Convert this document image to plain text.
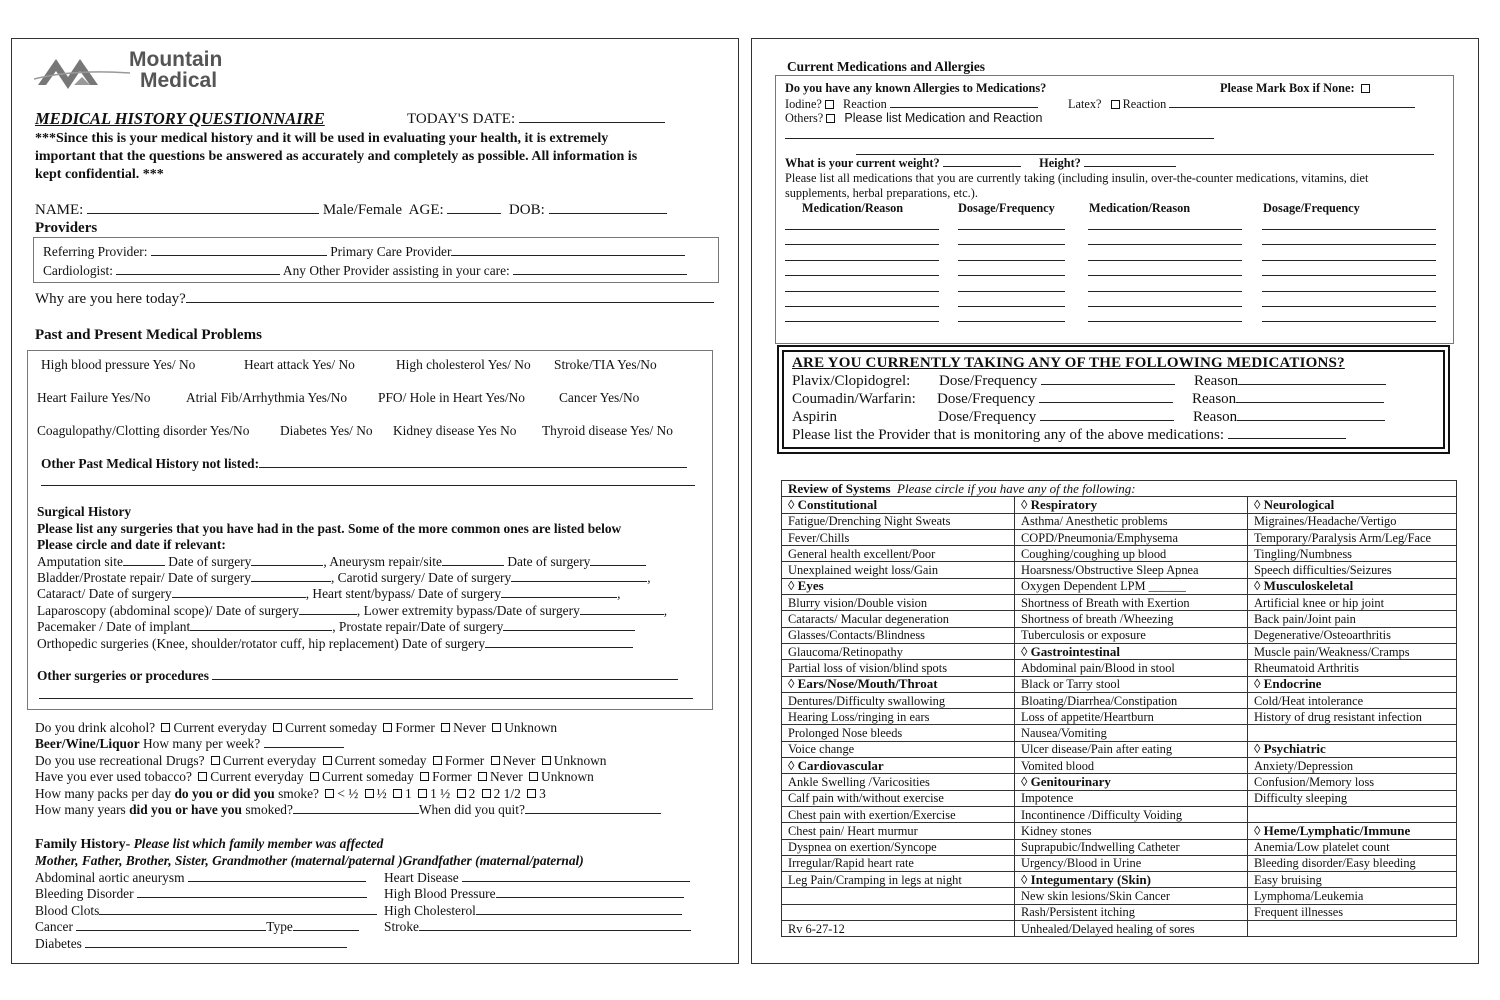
Mountain
Medical
MEDICAL HISTORY QUESTIONNAIRE	TODAY'S DATE:
***Since this is your medical history and it will be used in evaluating your health, it is extremely
important that the questions be answered as accurately and completely as possible. All information is
kept confidential. ***
NAME:	Male/Female AGE:	DOB:
Providers
Referring Provider:	Primary Care Provider
Cardiologist:	Any Other Provider assisting in your care:
Why are you here today?
Past and Present Medical Problems
High blood pressure Yes/ No	Heart attack Yes/ No	High cholesterol Yes/ No Stroke/TIA Yes/No
Heart Failure Yes/No	Atrial Fib/Arrhythmia Yes/No PFO/ Hole in Heart Yes/No	Cancer Yes/No
Coagulopathy/Clotting disorder Yes/No Diabetes Yes/ No Kidney disease Yes No Thyroid disease Yes/ No
Other Past Medical History not listed:
Surgical History
Please list any surgeries that you have had in the past. Some of the more common ones are listed below
Please circle and date if relevant:
Amputation site	Date of surgery	, Aneurysm repair/site	Date of surgery
Bladder/Prostate repair/ Date of surgery	, Carotid surgery/ Date of surgery	,
Cataract/ Date of surgery	, Heart stent/bypass/ Date of surgery	,
Laparoscopy (abdominal scope)/ Date of surgery	, Lower extremity bypass/Date of surgery	,
Pacemaker / Date of implant	, Prostate repair/Date of surgery
Orthopedic surgeries (Knee, shoulder/rotator cuff, hip replacement) Date of surgery
Other surgeries or procedures
Do you drink alcohol? Current everyday Current someday Former Never Unknown
Beer/Wine/Liquor How many per week?
Do you use recreational Drugs? Current everyday Current someday Former Never Unknown
Have you ever used tobacco? Current everyday Current someday Former Never Unknown
How many packs per day do you or did you smoke? < ½ ½ 1 1 ½ 2 2 1/2 3
How many years did you or have you smoked?	When did you quit?
Family History- Please list which family member was affected
Mother, Father, Brother, Sister, Grandmother (maternal/paternal )Grandfather (maternal/paternal)
Abdominal aortic aneurysm	Heart Disease
Bleeding Disorder	High Blood Pressure
Blood Clots	High Cholesterol
Cancer	Type	Stroke
Diabetes
Current Medications and Allergies
Do you have any known Allergies to Medications?	Please Mark Box if None:
Iodine? Reaction	Latex? Reaction
Others? Please list Medication and Reaction
What is your current weight?	Height?
Please list all medications that you are currently taking (including insulin, over-the-counter medications, vitamins, diet
supplements, herbal preparations, etc.).
Medication/Reason	Dosage/Frequency	Medication/Reason	Dosage/Frequency
ARE YOU CURRENTLY TAKING ANY OF THE FOLLOWING MEDICATIONS?
Plavix/Clopidogrel: Dose/Frequency	Reason
Coumadin/Warfarin: Dose/Frequency	Reason
Aspirin	Dose/Frequency	Reason
Please list the Provider that is monitoring any of the above medications:
Review of Systems Please circle if you have any of the following:		
◊ Constitutional	◊ Respiratory	◊ Neurological
Fatigue/Drenching Night Sweats	Asthma/ Anesthetic problems	Migraines/Headache/Vertigo
Fever/Chills	COPD/Pneumonia/Emphysema	Temporary/Paralysis Arm/Leg/Face
General health excellent/Poor	Coughing/coughing up blood	Tingling/Numbness
Unexplained weight loss/Gain	Hoarsness/Obstructive Sleep Apnea	Speech difficulties/Seizures
◊ Eyes	Oxygen Dependent LPM ______	◊ Musculoskeletal
Blurry vision/Double vision	Shortness of Breath with Exertion	Artificial knee or hip joint
Cataracts/ Macular degeneration	Shortness of breath /Wheezing	Back pain/Joint pain
Glasses/Contacts/Blindness	Tuberculosis or exposure	Degenerative/Osteoarthritis
Glaucoma/Retinopathy	◊ Gastrointestinal	Muscle pain/Weakness/Cramps
Partial loss of vision/blind spots	Abdominal pain/Blood in stool	Rheumatoid Arthritis
◊ Ears/Nose/Mouth/Throat	Black or Tarry stool	◊ Endocrine
Dentures/Difficulty swallowing	Bloating/Diarrhea/Constipation	Cold/Heat intolerance
Hearing Loss/ringing in ears	Loss of appetite/Heartburn	History of drug resistant infection
Prolonged Nose bleeds	Nausea/Vomiting	
Voice change	Ulcer disease/Pain after eating	◊ Psychiatric
◊ Cardiovascular	Vomited blood	Anxiety/Depression
Ankle Swelling /Varicosities	◊ Genitourinary	Confusion/Memory loss
Calf pain with/without exercise	Impotence	Difficulty sleeping
Chest pain with exertion/Exercise	Incontinence /Difficulty Voiding	
Chest pain/ Heart murmur	Kidney stones	◊ Heme/Lymphatic/Immune
Dyspnea on exertion/Syncope	Suprapubic/Indwelling Catheter	Anemia/Low platelet count
Irregular/Rapid heart rate	Urgency/Blood in Urine	Bleeding disorder/Easy bleeding
Leg Pain/Cramping in legs at night	◊ Integumentary (Skin)	Easy bruising
	New skin lesions/Skin Cancer	Lymphoma/Leukemia
	Rash/Persistent itching	Frequent illnesses
Rv 6-27-12	Unhealed/Delayed healing of sores	
